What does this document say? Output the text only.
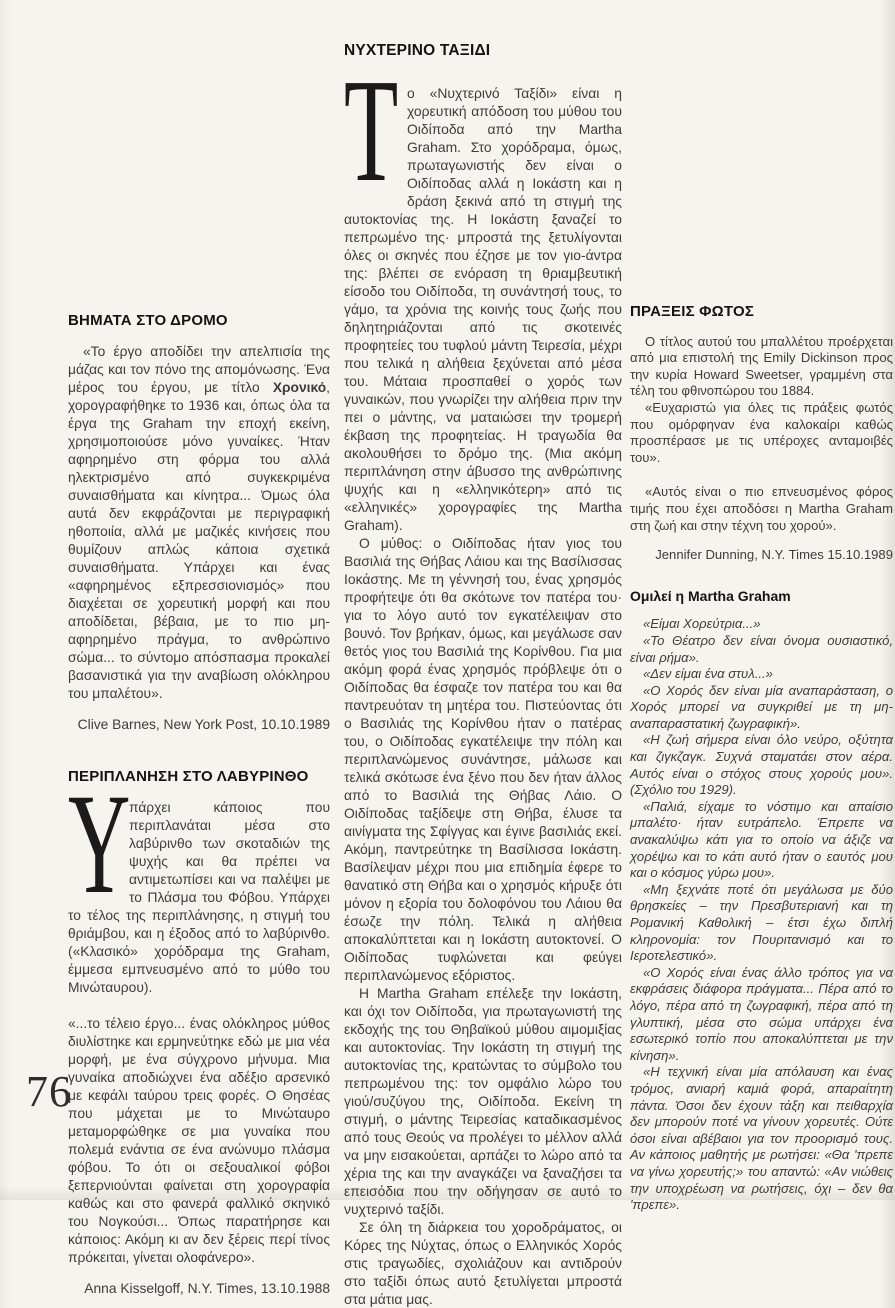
ΒΗΜΑΤΑ ΣΤΟ ΔΡΟΜΟ

«Το έργο αποδίδει την απελπισία της μάζας και τον πόνο της απομόνωσης. Ένα μέρος του έργου, με τίτλο Χρονικό, χορογραφήθηκε το 1936 και, όπως όλα τα έργα της Graham την εποχή εκείνη, χρησιμοποιούσε μόνο γυναίκες. Ήταν αφηρημένο στη φόρμα του αλλά ηλεκτρισμένο από συγκεκριμένα συναισθήματα και κίνητρα... Όμως όλα αυτά δεν εκφράζονται με περιγραφική ηθοποιία, αλλά με μαζικές κινήσεις που θυμίζουν απλώς κάποια σχετικά συναισθήματα. Υπάρχει και ένας «αφηρημένος εξπρεσσιονισμός» που διαχέεται σε χορευτική μορφή και που αποδίδεται, βέβαια, με το πιο μη-αφηρημένο πράγμα, το ανθρώπινο σώμα... το σύντομο απόσπασμα προκαλεί βασανιστικά για την αναβίωση ολόκληρου του μπαλέτου».

Clive Barnes, New York Post, 10.10.1989

ΠΕΡΙΠΛΑΝΗΣΗ ΣΤΟ ΛΑΒΥΡΙΝΘΟ

Υ
πάρχει κάποιος που περιπλανάται μέσα στο λαβύρινθο των σκοταδιών της ψυχής και θα πρέπει να αντιμετωπίσει και να παλέψει με το Πλάσμα του Φόβου. Υπάρχει το τέλος της περιπλάνησης, η στιγμή του θριάμβου, και η έξοδος από το λαβύρινθο. («Κλασικό» χορόδραμα της Graham, έμμεσα εμπνευσμένο από το μύθο του Μινώταυρου).

«...το τέλειο έργο... ένας ολόκληρος μύθος διυλίστηκε και ερμηνεύτηκε εδώ με μια νέα μορφή, με ένα σύγχρονο μήνυμα. Μια γυναίκα αποδιώχνει ένα αδέξιο αρσενικό με κεφάλι ταύρου τρεις φορές. Ο Θησέας που μάχεται με το Μινώταυρο μεταμορφώθηκε σε μια γυναίκα που πολεμά ενάντια σε ένα ανώνυμο πλάσμα φόβου. Το ότι οι σεξουαλικοί φόβοι ξεπερνιούνται φαίνεται στη χορογραφία καθώς και στο φανερά φαλλικό σκηνικό του Νογκούσι... Όπως παρατήρησε και κάποιος: Ακόμη κι αν δεν ξέρεις περί τίνος πρόκειται, γίνεται ολοφάνερο».

Anna Kisselgoff, N.Y. Times, 13.10.1988

ΝΥΧΤΕΡΙΝΟ ΤΑΞΙΔΙ

Τ ο «Νυχτερινό Ταξίδι» είναι η χορευτική απόδοση του μύθου του Οιδίποδα από την Martha Graham. Στο χορόδραμα, όμως, πρωταγωνιστής δεν είναι ο Οιδίποδας αλλά η Ιοκάστη και η δράση ξεκινά από τη στιγμή της αυτοκτονίας της. Η Ιοκάστη ξαναζεί το πεπρωμένο της· μπροστά της ξετυλίγονται όλες οι σκηνές που έζησε με τον γιο-άντρα της: βλέπει σε ενόραση τη θριαμβευτική είσοδο του Οιδίποδα, τη συνάντησή τους, το γάμο, τα χρόνια της κοινής τους ζωής που δηλητηριάζονται από τις σκοτεινές προφητείες του τυφλού μάντη Τειρεσία, μέχρι που τελικά η αλήθεια ξεχύνεται από μέσα του. Μάταια προσπαθεί ο χορός των γυναικών, που γνωρίζει την αλήθεια πριν την πει ο μάντης, να ματαιώσει την τρομερή έκβαση της προφητείας. Η τραγωδία θα ακολουθήσει το δρόμο της. (Μια ακόμη περιπλάνηση στην άβυσσο της ανθρώπινης ψυχής και η «ελληνικότερη» από τις «ελληνικές» χορογραφίες της Martha Graham).

Ο μύθος: ο Οιδίποδας ήταν γιος του Βασιλιά της Θήβας Λάιου και της Βασίλισσας Ιοκάστης. Με τη γέννησή του, ένας χρησμός προφήτεψε ότι θα σκότωνε τον πατέρα του· για το λόγο αυτό τον εγκατέλειψαν στο βουνό. Τον βρήκαν, όμως, και μεγάλωσε σαν θετός γιος του Βασιλιά της Κορίνθου. Για μια ακόμη φορά ένας χρησμός πρόβλεψε ότι ο Οιδίποδας θα έσφαζε τον πατέρα του και θα παντρευόταν τη μητέρα του. Πιστεύοντας ότι ο Βασιλιάς της Κορίνθου ήταν ο πατέρας του, ο Οιδίποδας εγκατέλειψε την πόλη και περιπλανώμενος συνάντησε, μάλωσε και τελικά σκότωσε ένα ξένο που δεν ήταν άλλος από το Βασιλιά της Θήβας Λάιο. Ο Οιδίποδας ταξίδεψε στη Θήβα, έλυσε τα αινίγματα της Σφίγγας και έγινε βασιλιάς εκεί. Ακόμη, παντρεύτηκε τη Βασίλισσα Ιοκάστη. Βασίλεψαν μέχρι που μια επιδημία έφερε το θανατικό στη Θήβα και ο χρησμός κήρυξε ότι μόνον η εξορία του δολοφόνου του Λάιου θα έσωζε την πόλη. Τελικά η αλήθεια αποκαλύπτεται και η Ιοκάστη αυτοκτονεί. Ο Οιδίποδας τυφλώνεται και φεύγει περιπλανώμενος εξόριστος.

Η Martha Graham επέλεξε την Ιοκάστη, και όχι τον Οιδίποδα, για πρωταγωνιστή της εκδοχής της του Θηβαϊκού μύθου αιμομιξίας και αυτοκτονίας. Την Ιοκάστη τη στιγμή της αυτοκτονίας της, κρατώντας το σύμβολο του πεπρωμένου της: τον ομφάλιο λώρο του γιού/συζύγου της, Οιδίποδα. Εκείνη τη στιγμή, ο μάντης Τειρεσίας καταδικασμένος από τους Θεούς να προλέγει το μέλλον αλλά να μην εισακούεται, αρπάζει το λώρο από τα χέρια της και την αναγκάζει να ξαναζήσει τα επεισόδια που την οδήγησαν σε αυτό το νυχτερινό ταξίδι.

Σε όλη τη διάρκεια του χοροδράματος, οι Κόρες της Νύχτας, όπως ο Ελληνικός Χορός στις τραγωδίες, σχολιάζουν και αντιδρούν στο ταξίδι όπως αυτό ξετυλίγεται μπροστά στα μάτια μας.

ΠΡΑΞΕΙΣ ΦΩΤΟΣ

Ο τίτλος αυτού του μπαλλέτου προέρχεται από μια επιστολή της Emily Dickinson προς την κυρία Howard Sweetser, γραμμένη στα τέλη του φθινοπώρου του 1884.

«Ευχαριστώ για όλες τις πράξεις φωτός που ομόρφηναν ένα καλοκαίρι καθώς προσπέρασε με τις υπέροχες ανταμοιβές του».

«Αυτός είναι ο πιο επνευσμένος φόρος τιμής που έχει αποδόσει η Martha Graham στη ζωή και στην τέχνη του χορού».

Jennifer Dunning, N.Y. Times 15.10.1989

Ομιλεί η Martha Graham

«Είμαι Χορεύτρια...»

«Το Θέατρο δεν είναι όνομα ουσιαστικό, είναι ρήμα».

«Δεν είμαι ένα στυλ...»

«Ο Χορός δεν είναι μία αναπαράσταση, ο Χορός μπορεί να συγκριθεί με τη μη-αναπαραστατική ζωγραφική».

«Η ζωή σήμερα είναι όλο νεύρο, οξύτητα και ζιγκζαγκ. Συχνά σταματάει στον αέρα. Αυτός είναι ο στόχος στους χορούς μου». (Σχόλιο του 1929).

«Παλιά, είχαμε το νόστιμο και απαίσιο μπαλέτο· ήταν ευτράπελο. Έπρεπε να ανακαλύψω κάτι για το οποίο να άξιζε να χορέψω και το κάτι αυτό ήταν ο εαυτός μου και ο κόσμος γύρω μου».

«Μη ξεχνάτε ποτέ ότι μεγάλωσα με δύο θρησκείες – την Πρεσβυτεριανή και τη Ρομανική Καθολική – έτσι έχω διπλή κληρονομία: τον Πουριτανισμό και το Ιεροτελεστικό».

«Ο Χορός είναι ένας άλλο τρόπος για να εκφράσεις διάφορα πράγματα... Πέρα από το λόγο, πέρα από τη ζωγραφική, πέρα από τη γλυπτική, μέσα στο σώμα υπάρχει ένα εσωτερικό τοπίο που αποκαλύπτεται με την κίνηση».

«Η τεχνική είναι μία απόλαυση και ένας τρόμος, ανιαρή καμιά φορά, απαραίτητη πάντα. Όσοι δεν έχουν τάξη και πειθαρχία δεν μπορούν ποτέ να γίνουν χορευτές. Ούτε όσοι είναι αβέβαιοι για τον προορισμό τους. Αν κάποιος μαθητής με ρωτήσει: «Θα 'πρεπε να γίνω χορευτής;» του απαντώ: «Αν νιώθεις την υποχρέωση να ρωτήσεις, όχι – δεν θα 'πρεπε».

76
